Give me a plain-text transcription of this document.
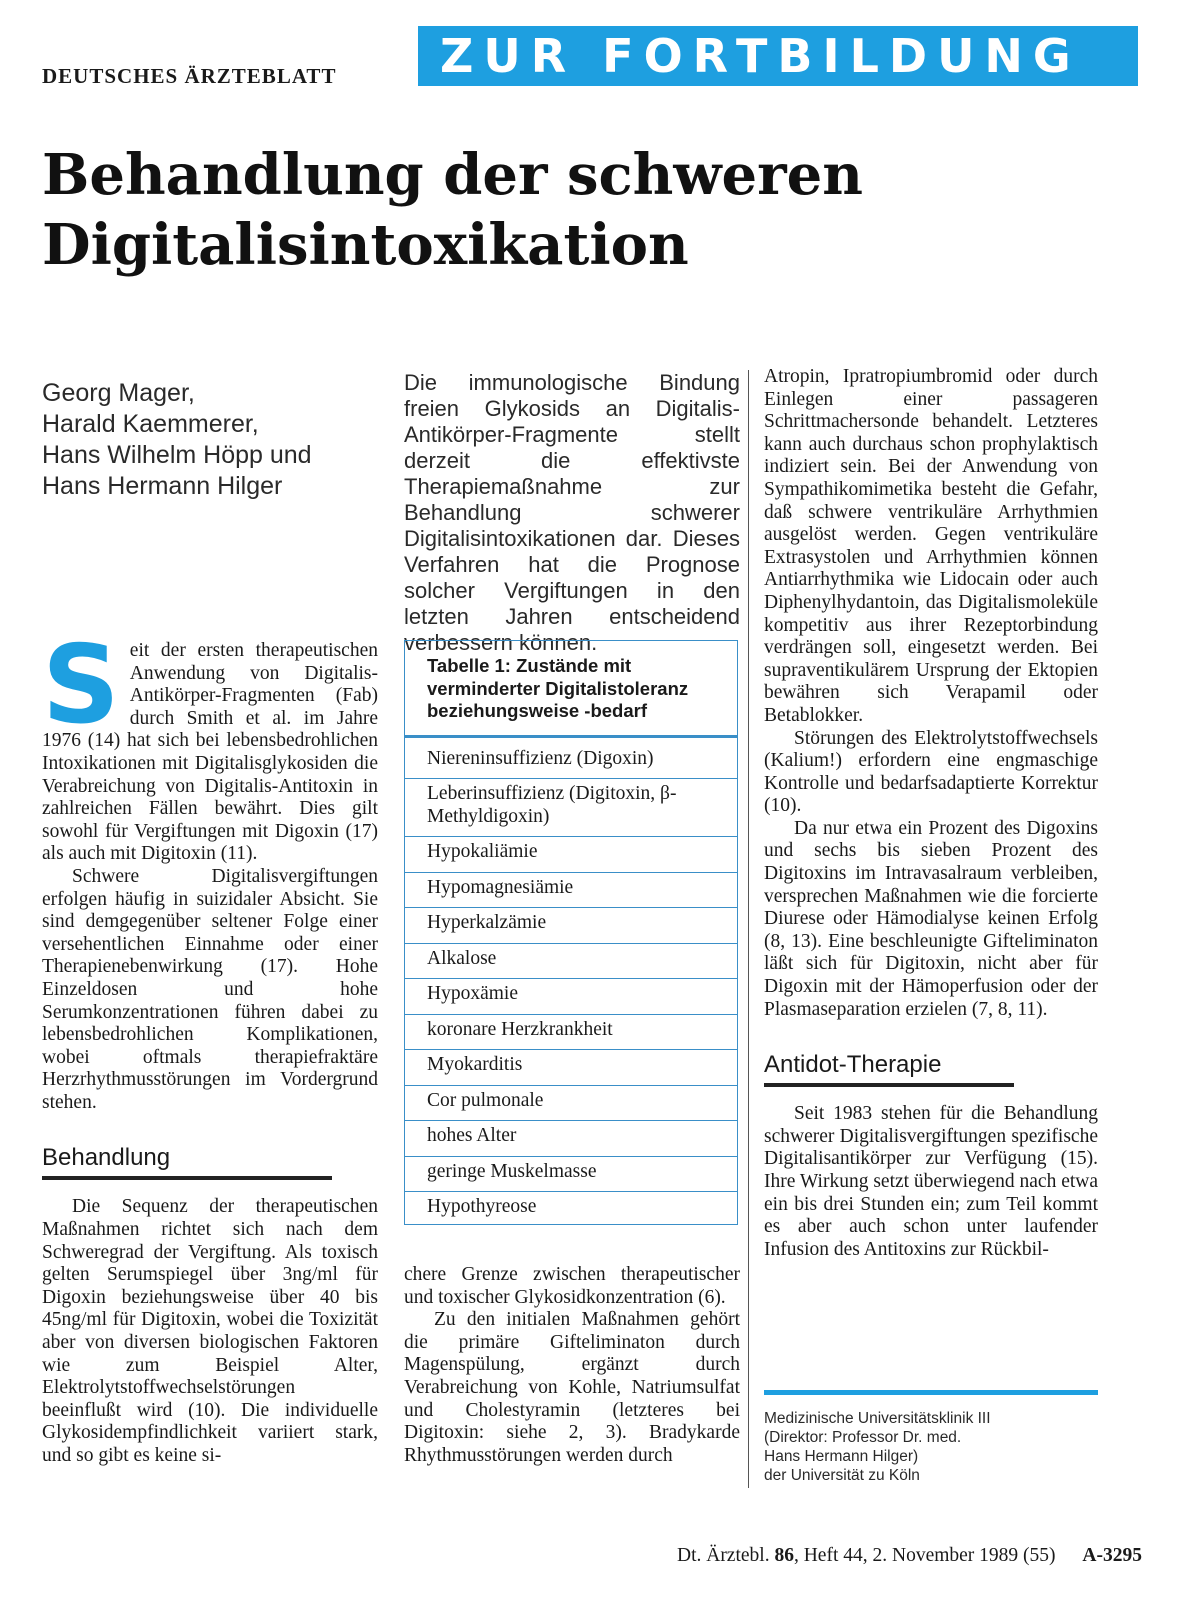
DEUTSCHES ÄRZTEBLATT	ZUR FORTBILDUNG
Behandlung der schweren
Digitalisintoxikation
Georg Mager,
Harald Kaemmerer,
Hans Wilhelm Höpp und
Hans Hermann Hilger
Die immunologische Bindung freien Glykosids an Digitalis-Antikörper-Fragmente stellt derzeit die effektivste Therapiemaßnahme zur Behandlung schwerer Digitalisintoxikationen dar. Dieses Verfahren hat die Prognose solcher Vergiftungen in den letzten Jahren entscheidend verbessern können.

Seit der ersten therapeutischen Anwendung von Digitalis-Antikörper-Fragmenten (Fab) durch Smith et al. im Jahre 1976 (14) hat sich bei lebensbedrohlichen Intoxikationen mit Digitalisglykosiden die Verabreichung von Digitalis-Antitoxin in zahlreichen Fällen bewährt. Dies gilt sowohl für Vergiftungen mit Digoxin (17) als auch mit Digitoxin (11).

Schwere Digitalisvergiftungen erfolgen häufig in suizidaler Absicht. Sie sind demgegenüber seltener Folge einer versehentlichen Einnahme oder einer Therapienebenwirkung (17). Hohe Einzeldosen und hohe Serumkonzentrationen führen dabei zu lebensbedrohlichen Komplikationen, wobei oftmals therapiefraktäre Herzrhythmusstörungen im Vordergrund stehen.

Behandlung

Die Sequenz der therapeutischen Maßnahmen richtet sich nach dem Schweregrad der Vergiftung. Als toxisch gelten Serumspiegel über 3ng/ml für Digoxin beziehungsweise über 40 bis 45ng/ml für Digitoxin, wobei die Toxizität aber von diversen biologischen Faktoren wie zum Beispiel Alter, Elektrolytstoffwechselstörungen beeinflußt wird (10). Die individuelle Glykosidempfindlichkeit variiert stark, und so gibt es keine si-

Tabelle 1: Zustände mit verminderter Digitalistoleranz beziehungsweise -bedarf
Niereninsuffizienz (Digoxin)
Leberinsuffizienz (Digitoxin, β-Methyldigoxin)
Hypokaliämie
Hypomagnesiämie
Hyperkalzämie
Alkalose
Hypoxämie
koronare Herzkrankheit
Myokarditis
Cor pulmonale
hohes Alter
geringe Muskelmasse
Hypothyreose

chere Grenze zwischen therapeutischer und toxischer Glykosidkonzentration (6).

Zu den initialen Maßnahmen gehört die primäre Gifteliminaton durch Magenspülung, ergänzt durch Verabreichung von Kohle, Natriumsulfat und Cholestyramin (letzteres bei Digitoxin: siehe 2, 3). Bradykarde Rhythmusstörungen werden durch

Atropin, Ipratropiumbromid oder durch Einlegen einer passageren Schrittmachersonde behandelt. Letzteres kann auch durchaus schon prophylaktisch indiziert sein. Bei der Anwendung von Sympathikomimetika besteht die Gefahr, daß schwere ventrikuläre Arrhythmien ausgelöst werden. Gegen ventrikuläre Extrasystolen und Arrhythmien können Antiarrhythmika wie Lidocain oder auch Diphenylhydantoin, das Digitalismoleküle kompetitiv aus ihrer Rezeptorbindung verdrängen soll, eingesetzt werden. Bei supraventikulärem Ursprung der Ektopien bewähren sich Verapamil oder Betablokker.

Störungen des Elektrolytstoffwechsels (Kalium!) erfordern eine engmaschige Kontrolle und bedarfsadaptierte Korrektur (10).

Da nur etwa ein Prozent des Digoxins und sechs bis sieben Prozent des Digitoxins im Intravasalraum verbleiben, versprechen Maßnahmen wie die forcierte Diurese oder Hämodialyse keinen Erfolg (8, 13). Eine beschleunigte Gifteliminaton läßt sich für Digitoxin, nicht aber für Digoxin mit der Hämoperfusion oder der Plasmaseparation erzielen (7, 8, 11).

Antidot-Therapie

Seit 1983 stehen für die Behandlung schwerer Digitalisvergiftungen spezifische Digitalisantikörper zur Verfügung (15). Ihre Wirkung setzt überwiegend nach etwa ein bis drei Stunden ein; zum Teil kommt es aber auch schon unter laufender Infusion des Antitoxins zur Rückbil-

Medizinische Universitätsklinik III
(Direktor: Professor Dr. med.
Hans Hermann Hilger)
der Universität zu Köln
Dt. Ärztebl. 86, Heft 44, 2. November 1989 (55) A-3295
